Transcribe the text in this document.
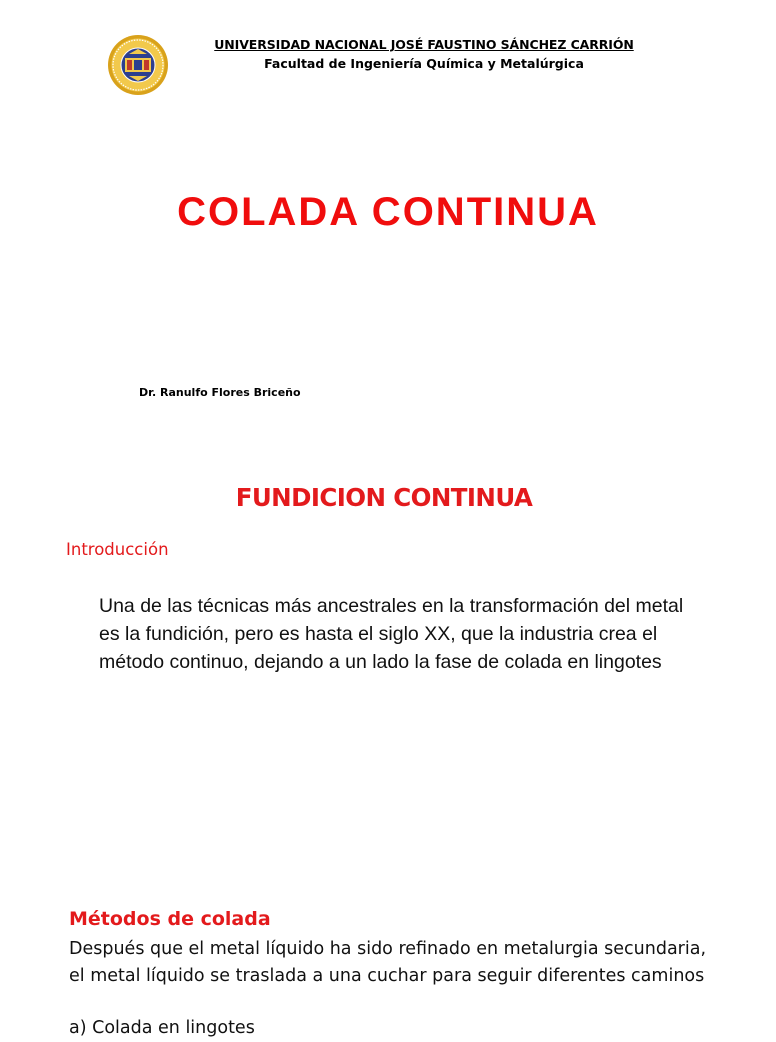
UNIVERSIDAD NACIONAL JOSÉ FAUSTINO SÁNCHEZ CARRIÓN
Facultad de Ingeniería Química y Metalúrgica
COLADA CONTINUA
Dr. Ranulfo Flores Briceño
FUNDICION CONTINUA
Introducción
Una de las técnicas más ancestrales en la transformación del metal es la fundición, pero es hasta el siglo XX, que la industria crea el método continuo, dejando a un lado la fase de colada en lingotes
Métodos de colada
Después que el metal líquido ha sido refinado en metalurgia secundaria, el metal líquido se traslada a una cuchar para seguir diferentes caminos
a) Colada en lingotes
